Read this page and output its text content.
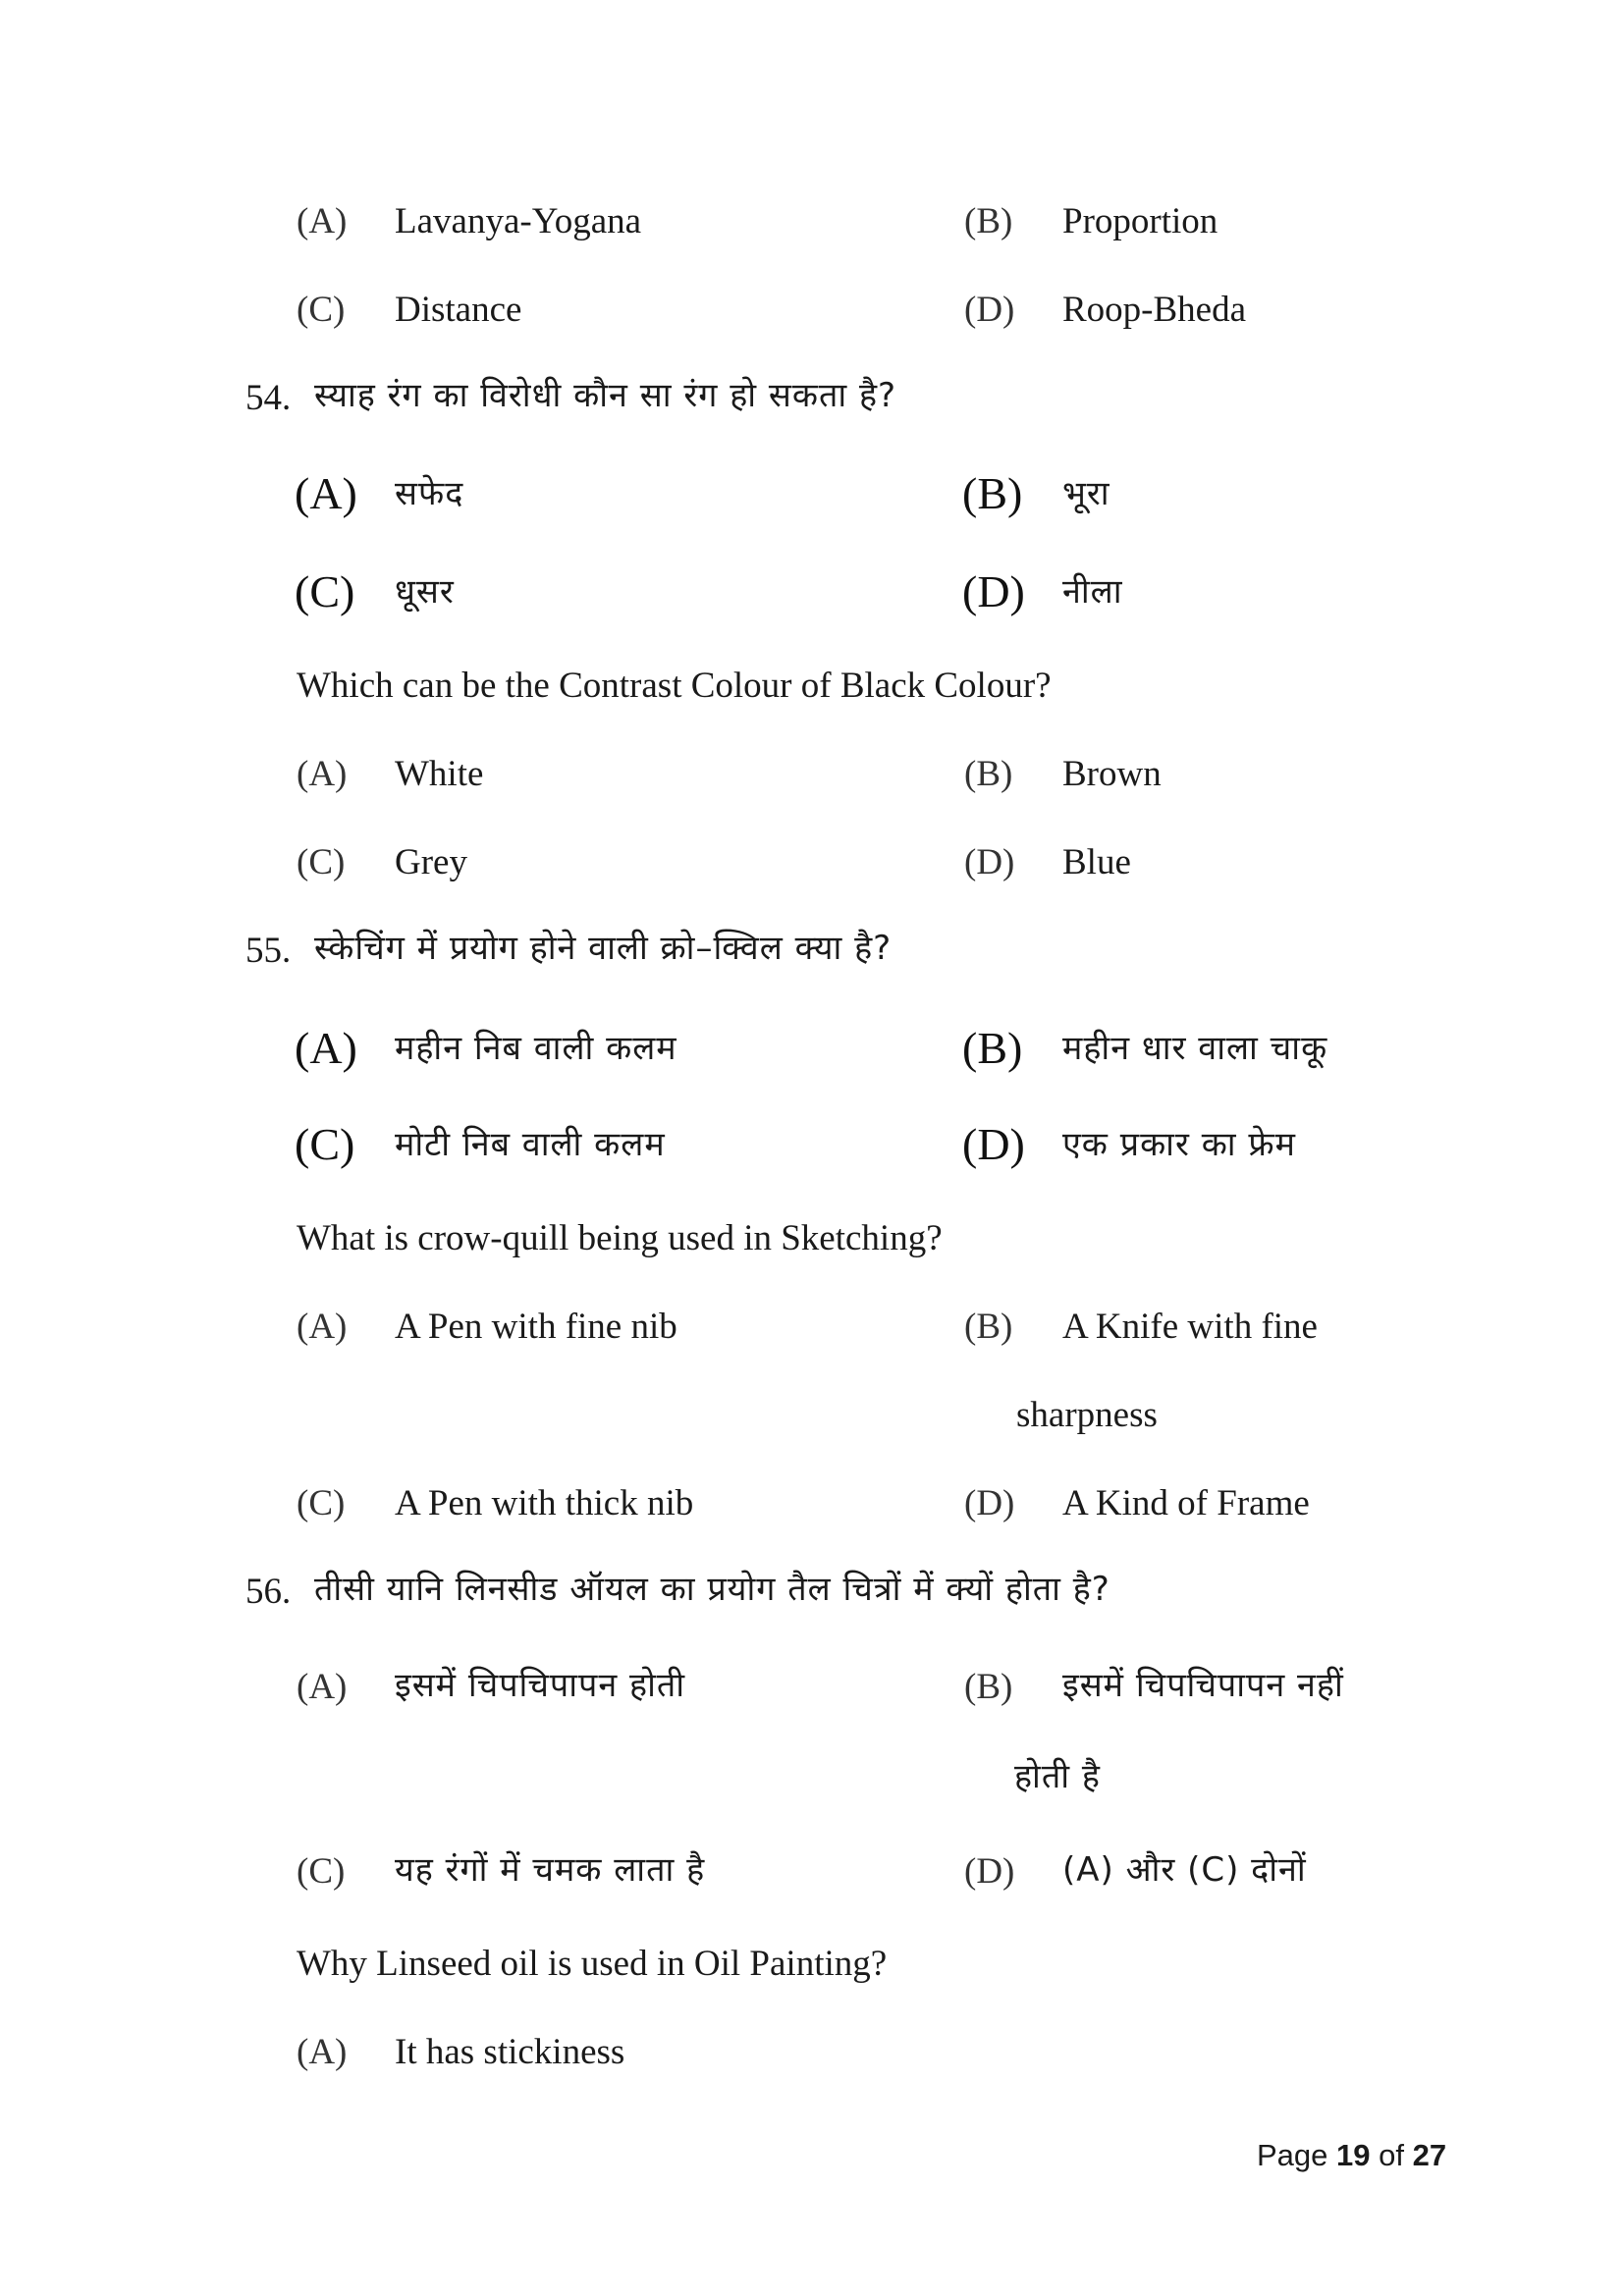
(A) Lavanya-Yogana	(B) Proportion
(C) Distance	(D) Roop-Bheda
54. स्याह रंग का विरोधी कौन सा रंग हो सकता है?
(A) सफेद	(B) भूरा
(C) धूसर	(D) नीला
Which can be the Contrast Colour of Black Colour?
(A) White	(B) Brown
(C) Grey	(D) Blue
55. स्केचिंग में प्रयोग होने वाली क्रो–क्विल क्या है?
(A) महीन निब वाली कलम	(B) महीन धार वाला चाकू
(C) मोटी निब वाली कलम	(D) एक प्रकार का फ्रेम
What is crow-quill being used in Sketching?
(A) A Pen with fine nib	(B) A Knife with fine
sharpness
(C) A Pen with thick nib	(D) A Kind of Frame
56. तीसी यानि लिनसीड ऑयल का प्रयोग तैल चित्रों में क्यों होता है?
(A) इसमें चिपचिपापन होती	(B) इसमें चिपचिपापन नहीं
होती है
(C) यह रंगों में चमक लाता है	(D) (A) और (C) दोनों
Why Linseed oil is used in Oil Painting?
(A) It has stickiness
Page 19 of 27
